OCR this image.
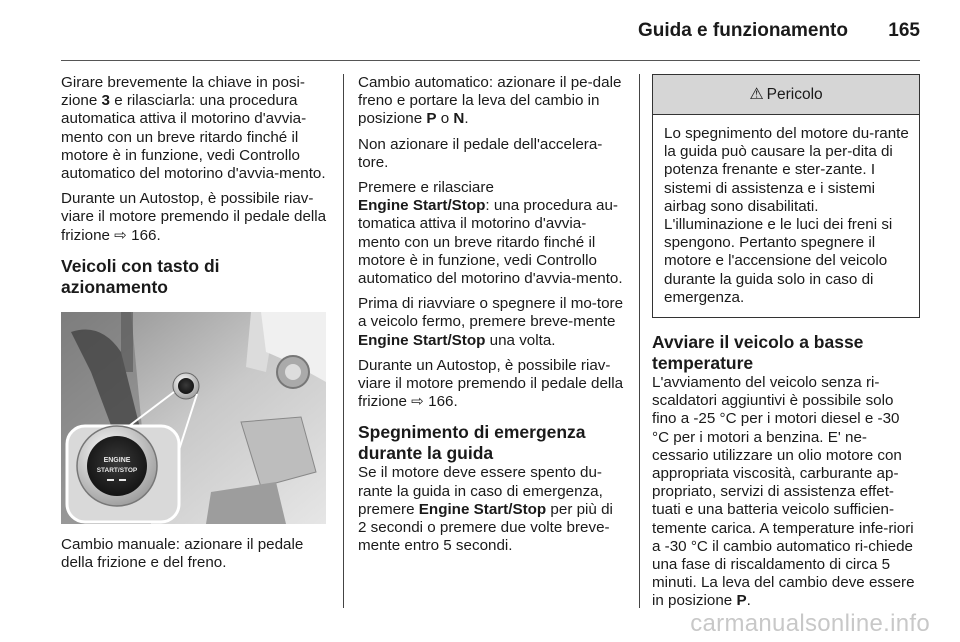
Guida e funzionamento 165

Girare brevemente la chiave in posi-zione 3 e rilasciarla: una procedura automatica attiva il motorino d'avvia-mento con un breve ritardo finché il motore è in funzione, vedi Controllo automatico del motorino d'avvia-mento.

Durante un Autostop, è possibile riav-viare il motore premendo il pedale della frizione ⇨ 166.

Veicoli con tasto di azionamento
ENGINE
START/STOP

Cambio manuale: azionare il pedale della frizione e del freno.

Cambio automatico: azionare il pe-dale freno e portare la leva del cambio in posizione P o N.

Non azionare il pedale dell'accelera-tore.

Premere e rilasciare
Engine Start/Stop: una procedura au-tomatica attiva il motorino d'avvia-mento con un breve ritardo finché il motore è in funzione, vedi Controllo automatico del motorino d'avvia-mento.

Prima di riavviare o spegnere il mo-tore a veicolo fermo, premere breve-mente Engine Start/Stop una volta.

Durante un Autostop, è possibile riav-viare il motore premendo il pedale della frizione ⇨ 166.

Spegnimento di emergenza durante la guida

Se il motore deve essere spento du-rante la guida in caso di emergenza, premere Engine Start/Stop per più di 2 secondi o premere due volte breve-mente entro 5 secondi.

⚠ Pericolo
Lo spegnimento del motore du-rante la guida può causare la per-dita di potenza frenante e ster-zante. I sistemi di assistenza e i sistemi airbag sono disabilitati. L'illuminazione e le luci dei freni si spengono. Pertanto spegnere il motore e l'accensione del veicolo durante la guida solo in caso di emergenza.
Avviare il veicolo a basse temperature

L'avviamento del veicolo senza ri-scaldatori aggiuntivi è possibile solo fino a -25 °C per i motori diesel e -30 °C per i motori a benzina. E' ne-cessario utilizzare un olio motore con appropriata viscosità, carburante ap-propriato, servizi di assistenza effet-tuati e una batteria veicolo sufficien-temente carica. A temperature infe-riori a -30 °C il cambio automatico ri-chiede una fase di riscaldamento di circa 5 minuti. La leva del cambio deve essere in posizione P.

carmanualsonline.info
